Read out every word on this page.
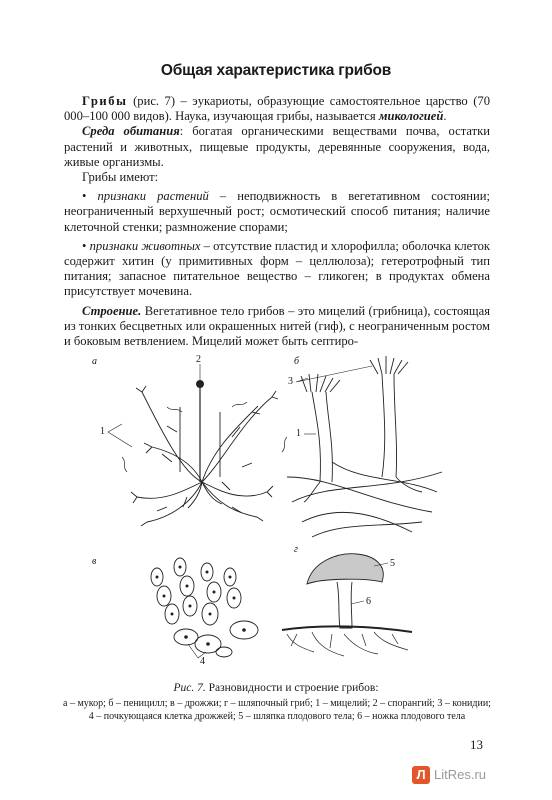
Общая характеристика грибов

Грибы (рис. 7) – эукариоты, образующие самостоятельное царство (70 000–100 000 видов). Наука, изучающая грибы, называется микологией.

Среда обитания: богатая органическими веществами почва, остатки растений и животных, пищевые продукты, деревянные сооружения, вода, живые организмы.

Грибы имеют:

• признаки растений – неподвижность в вегетативном состоянии; неограниченный верхушечный рост; осмотический способ питания; наличие клеточной стенки; размножение спорами;

• признаки животных – отсутствие пластид и хлорофилла; оболочка клеток содержит хитин (у примитивных форм – целлюлоза); гетеротрофный тип питания; запасное питательное вещество – гликоген; в продуктах обмена присутствует мочевина.

Строение. Вегетативное тело грибов – это мицелий (грибница), состоящая из тонких бесцветных или окрашенных нитей (гиф), с неограниченным ростом и боковым ветвлением. Мицелий может быть септиро-

а	2
1
б
3
1
в
4
г
5
6
Рис. 7. Разновидности и строение грибов:
а – мукор; б – пеницилл; в – дрожжи; г – шляпочный гриб; 1 – мицелий; 2 – спорангий; 3 – конидии; 4 – почкующаяся клетка дрожжей; 5 – шляпка плодового тела; 6 – ножка плодового тела
13
Л LitRes.ru
